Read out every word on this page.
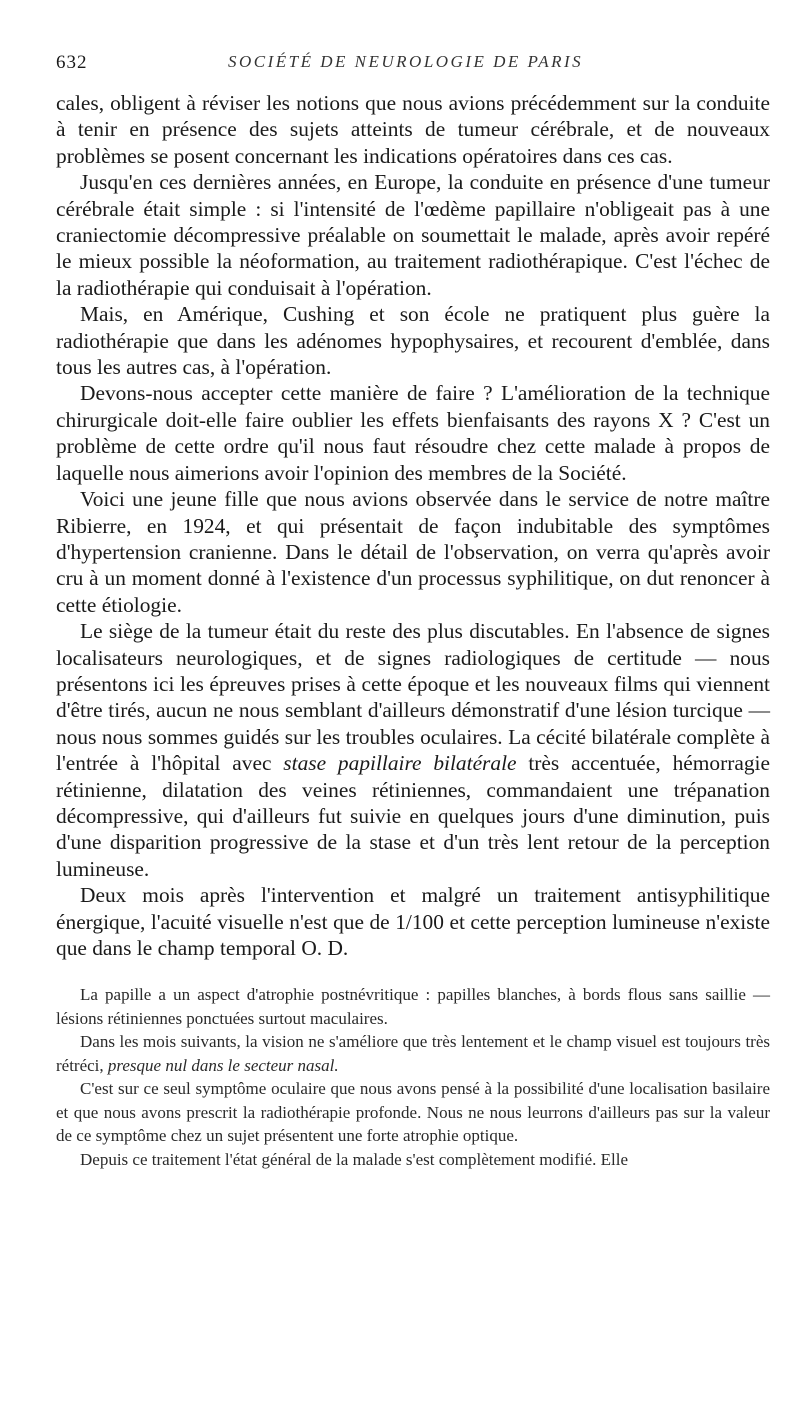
632	SOCIÉTÉ DE NEUROLOGIE DE PARIS

cales, obligent à réviser les notions que nous avions précédemment sur la conduite à tenir en présence des sujets atteints de tumeur cérébrale, et de nouveaux problèmes se posent concernant les indications opératoires dans ces cas.

Jusqu'en ces dernières années, en Europe, la conduite en présence d'une tumeur cérébrale était simple : si l'intensité de l'œdème papillaire n'obligeait pas à une craniectomie décompressive préalable on soumettait le malade, après avoir repéré le mieux possible la néoformation, au traitement radiothérapique. C'est l'échec de la radiothérapie qui conduisait à l'opération.

Mais, en Amérique, Cushing et son école ne pratiquent plus guère la radiothérapie que dans les adénomes hypophysaires, et recourent d'emblée, dans tous les autres cas, à l'opération.

Devons-nous accepter cette manière de faire ? L'amélioration de la technique chirurgicale doit-elle faire oublier les effets bienfaisants des rayons X ? C'est un problème de cette ordre qu'il nous faut résoudre chez cette malade à propos de laquelle nous aimerions avoir l'opinion des membres de la Société.

Voici une jeune fille que nous avions observée dans le service de notre maître Ribierre, en 1924, et qui présentait de façon indubitable des symptômes d'hypertension cranienne. Dans le détail de l'observation, on verra qu'après avoir cru à un moment donné à l'existence d'un processus syphilitique, on dut renoncer à cette étiologie.

Le siège de la tumeur était du reste des plus discutables. En l'absence de signes localisateurs neurologiques, et de signes radiologiques de certitude — nous présentons ici les épreuves prises à cette époque et les nouveaux films qui viennent d'être tirés, aucun ne nous semblant d'ailleurs démonstratif d'une lésion turcique — nous nous sommes guidés sur les troubles oculaires. La cécité bilatérale complète à l'entrée à l'hôpital avec stase papillaire bilatérale très accentuée, hémorragie rétinienne, dilatation des veines rétiniennes, commandaient une trépanation décompressive, qui d'ailleurs fut suivie en quelques jours d'une diminution, puis d'une disparition progressive de la stase et d'un très lent retour de la perception lumineuse.

Deux mois après l'intervention et malgré un traitement antisyphilitique énergique, l'acuité visuelle n'est que de 1/100 et cette perception lumineuse n'existe que dans le champ temporal O. D.

La papille a un aspect d'atrophie postnévritique : papilles blanches, à bords flous sans saillie — lésions rétiniennes ponctuées surtout maculaires.

Dans les mois suivants, la vision ne s'améliore que très lentement et le champ visuel est toujours très rétréci, presque nul dans le secteur nasal.

C'est sur ce seul symptôme oculaire que nous avons pensé à la possibilité d'une localisation basilaire et que nous avons prescrit la radiothérapie profonde. Nous ne nous leurrons d'ailleurs pas sur la valeur de ce symptôme chez un sujet présentent une forte atrophie optique.

Depuis ce traitement l'état général de la malade s'est complètement modifié. Elle
